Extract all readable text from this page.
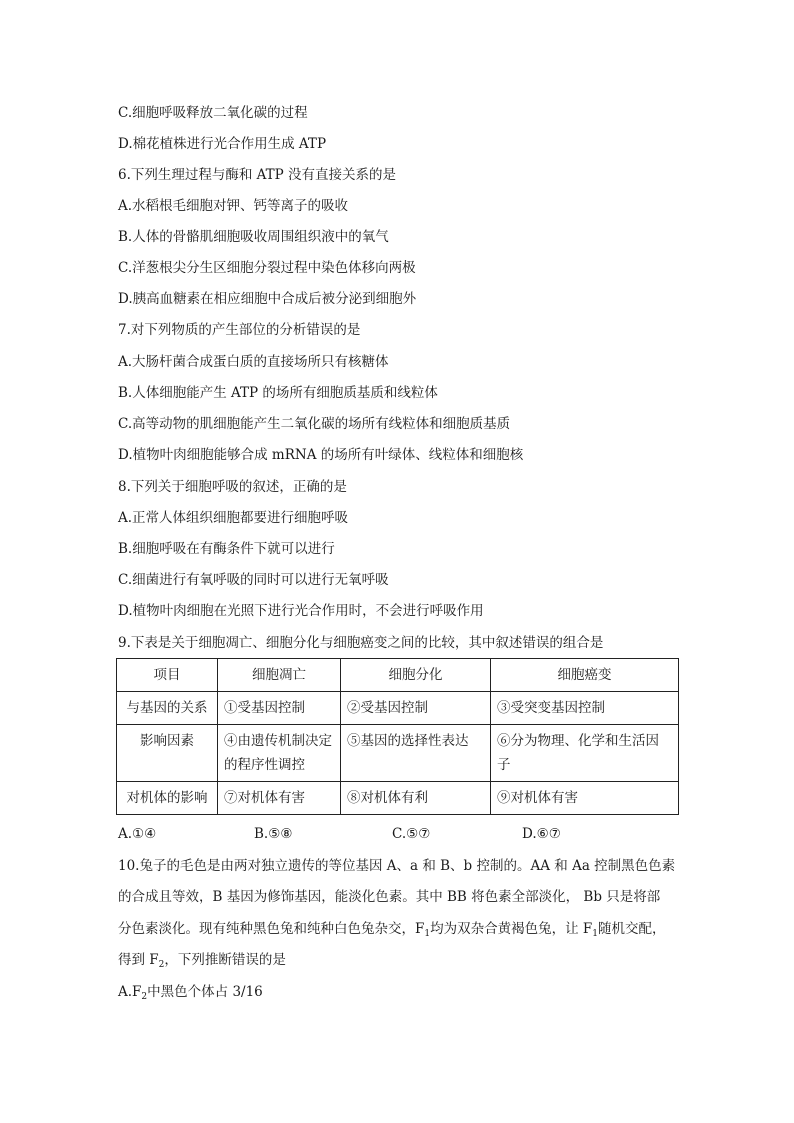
C.细胞呼吸释放二氧化碳的过程
D.棉花植株进行光合作用生成 ATP
6.下列生理过程与酶和 ATP 没有直接关系的是
A.水稻根毛细胞对钾、钙等离子的吸收
B.人体的骨骼肌细胞吸收周围组织液中的氧气
C.洋葱根尖分生区细胞分裂过程中染色体移向两极
D.胰高血糖素在相应细胞中合成后被分泌到细胞外
7.对下列物质的产生部位的分析错误的是
A.大肠杆菌合成蛋白质的直接场所只有核糖体
B.人体细胞能产生 ATP 的场所有细胞质基质和线粒体
C.高等动物的肌细胞能产生二氧化碳的场所有线粒体和细胞质基质
D.植物叶肉细胞能够合成 mRNA 的场所有叶绿体、线粒体和细胞核
8.下列关于细胞呼吸的叙述，正确的是
A.正常人体组织细胞都要进行细胞呼吸
B.细胞呼吸在有酶条件下就可以进行
C.细菌进行有氧呼吸的同时可以进行无氧呼吸
D.植物叶肉细胞在光照下进行光合作用时，不会进行呼吸作用
9.下表是关于细胞凋亡、细胞分化与细胞癌变之间的比较，其中叙述错误的组合是
项目	细胞凋亡	细胞分化	细胞癌变
与基因的关系	①受基因控制	②受基因控制	③受突变基因控制
影响因素	④由遗传机制决定的程序性调控	⑤基因的选择性表达	⑥分为物理、化学和生活因子
对机体的影响	⑦对机体有害	⑧对机体有利	⑨对机体有害
A.①④	B.⑤⑧	C.⑤⑦	D.⑥⑦
10.兔子的毛色是由两对独立遗传的等位基因 A、a 和 B、b 控制的。AA 和 Aa 控制黑色色素
的合成且等效，B 基因为修饰基因，能淡化色素。其中 BB 将色素全部淡化， Bb 只是将部
分色素淡化。现有纯种黑色兔和纯种白色兔杂交，$F_1$均为双杂合黄褐色兔，让 $F_1$随机交配，
得到 $F_2$，下列推断错误的是
$A.F_2$中黑色个体占 3/16
